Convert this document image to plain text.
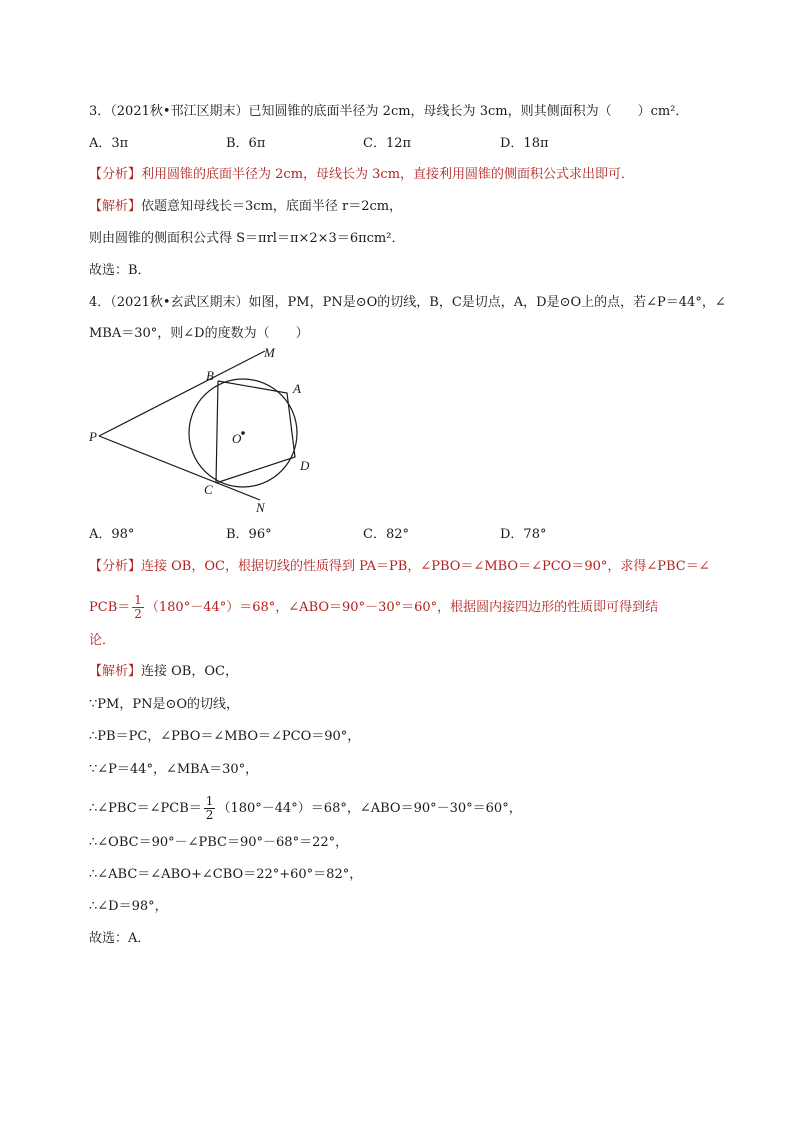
3．（2021秋•邗江区期末）已知圆锥的底面半径为 2cm，母线长为 3cm，则其侧面积为（　　）cm²．
A．3π	B．6π	C．12π	D．18π
【分析】利用圆锥的底面半径为 2cm，母线长为 3cm，直接利用圆锥的侧面积公式求出即可．
【解析】依题意知母线长＝3cm，底面半径 r＝2cm，
则由圆锥的侧面积公式得 S＝πrl＝π×2×3＝6πcm²．
故选：B．
4．（2021秋•玄武区期末）如图，PM，PN是⊙O的切线，B，C是切点，A，D是⊙O上的点，若∠P＝44°，∠
MBA＝30°，则∠D的度数为（　　）
M
B
A
P	O
D
C
N
A．98°	B．96°	C．82°	D．78°
【分析】连接 OB，OC，根据切线的性质得到 PA＝PB，∠PBO＝∠MBO＝∠PCO＝90°，求得∠PBC＝∠
$PCB= \frac{1}{2} (180^\circ-44^\circ)=68^\circ$，∠ABO＝90°－30°＝60°，根据圆内接四边形的性质即可得到结
论．
【解析】连接 OB，OC，
∵PM，PN是⊙O的切线，
∴PB＝PC，∠PBO＝∠MBO＝∠PCO＝90°，
∵∠P＝44°，∠MBA＝30°，
∴∠PBC＝∠PCB＝ $\frac{1}{2} (180^\circ-44^\circ)=68^\circ$，∠ABO＝90°－30°＝60°，
∴∠OBC＝90°－∠PBC＝90°－68°＝22°，
∴∠ABC＝∠ABO+∠CBO＝22°+60°＝82°，
∴∠D＝98°，
故选：A．
